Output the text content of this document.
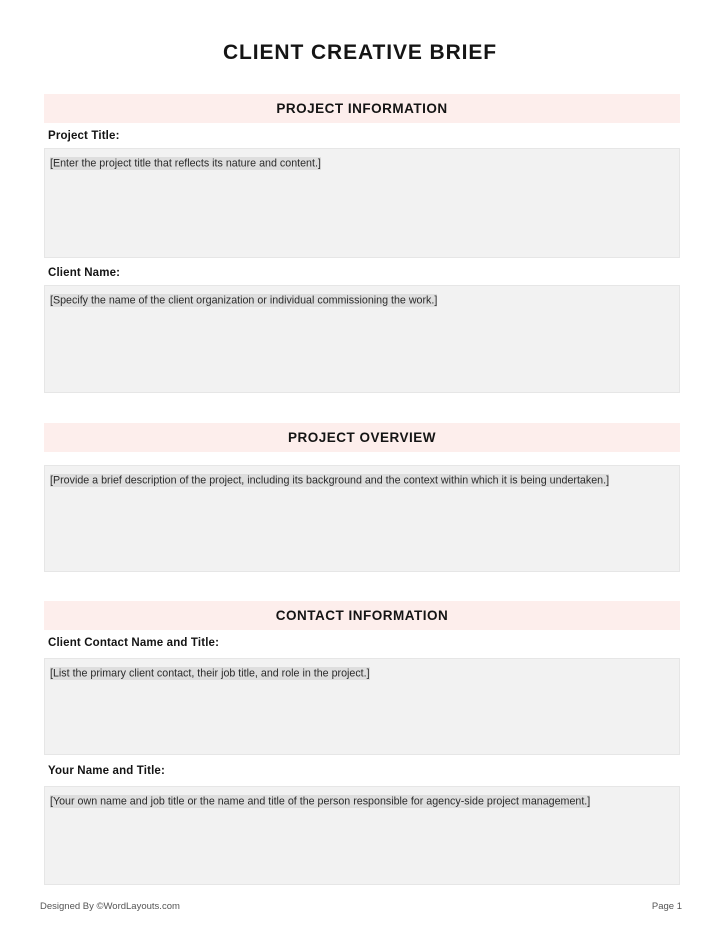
CLIENT CREATIVE BRIEF
PROJECT INFORMATION
Project Title:
[Enter the project title that reflects its nature and content.]
Client Name:
[Specify the name of the client organization or individual commissioning the work.]
PROJECT OVERVIEW
[Provide a brief description of the project, including its background and the context within which it is being undertaken.]
CONTACT INFORMATION
Client Contact Name and Title:
[List the primary client contact, their job title, and role in the project.]
Your Name and Title:
[Your own name and job title or the name and title of the person responsible for agency-side project management.]
Designed By ©WordLayouts.com	Page 1
